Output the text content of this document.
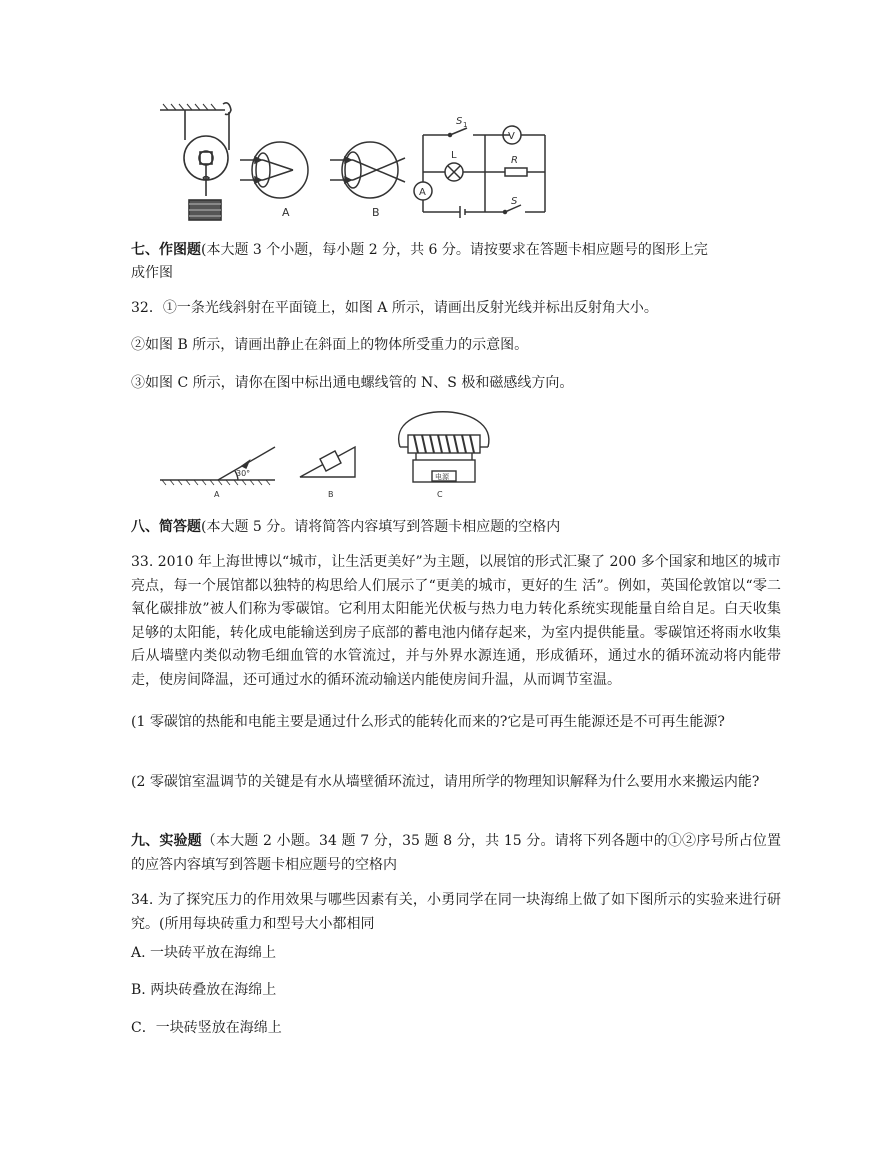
A	B
S 1
V
L	R
A
S
七、作图题(本大题 3 个小题，每小题 2 分，共 6 分。请按要求在答题卡相应题号的图形上完
成作图
32．①一条光线斜射在平面镜上，如图 A 所示，请画出反射光线并标出反射角大小。
②如图 B 所示，请画出静止在斜面上的物体所受重力的示意图。
③如图 C 所示，请你在图中标出通电螺线管的 N、S 极和磁感线方向。
30°
A	B
电源
C
八、简答题(本大题 5 分。请将简答内容填写到答题卡相应题的空格内
33. 2010 年上海世博以“城市，让生活更美好”为主题，以展馆的形式汇聚了 200 多个国家和地区的城市亮点，每一个展馆都以独特的构思给人们展示了“更美的城市，更好的生 活”。例如，英国伦敦馆以“零二氧化碳排放”被人们称为零碳馆。它利用太阳能光伏板与热力电力转化系统实现能量自给自足。白天收集足够的太阳能，转化成电能输送到房子底部的蓄电池内储存起来，为室内提供能量。零碳馆还将雨水收集后从墙壁内类似动物毛细血管的水管流过，并与外界水源连通，形成循环，通过水的循环流动将内能带走，使房间降温，还可通过水的循环流动输送内能使房间升温，从而调节室温。
(1 零碳馆的热能和电能主要是通过什么形式的能转化而来的?它是可再生能源还是不可再生能源?
(2 零碳馆室温调节的关键是有水从墙壁循环流过，请用所学的物理知识解释为什么要用水来搬运内能?
九、实验题（本大题 2 小题。34 题 7 分，35 题 8 分，共 15 分。请将下列各题中的①②序号所占位置的应答内容填写到答题卡相应题号的空格内
34. 为了探究压力的作用效果与哪些因素有关，小勇同学在同一块海绵上做了如下图所示的实验来进行研究。(所用每块砖重力和型号大小都相同
A. 一块砖平放在海绵上
B. 两块砖叠放在海绵上
C．一块砖竖放在海绵上
